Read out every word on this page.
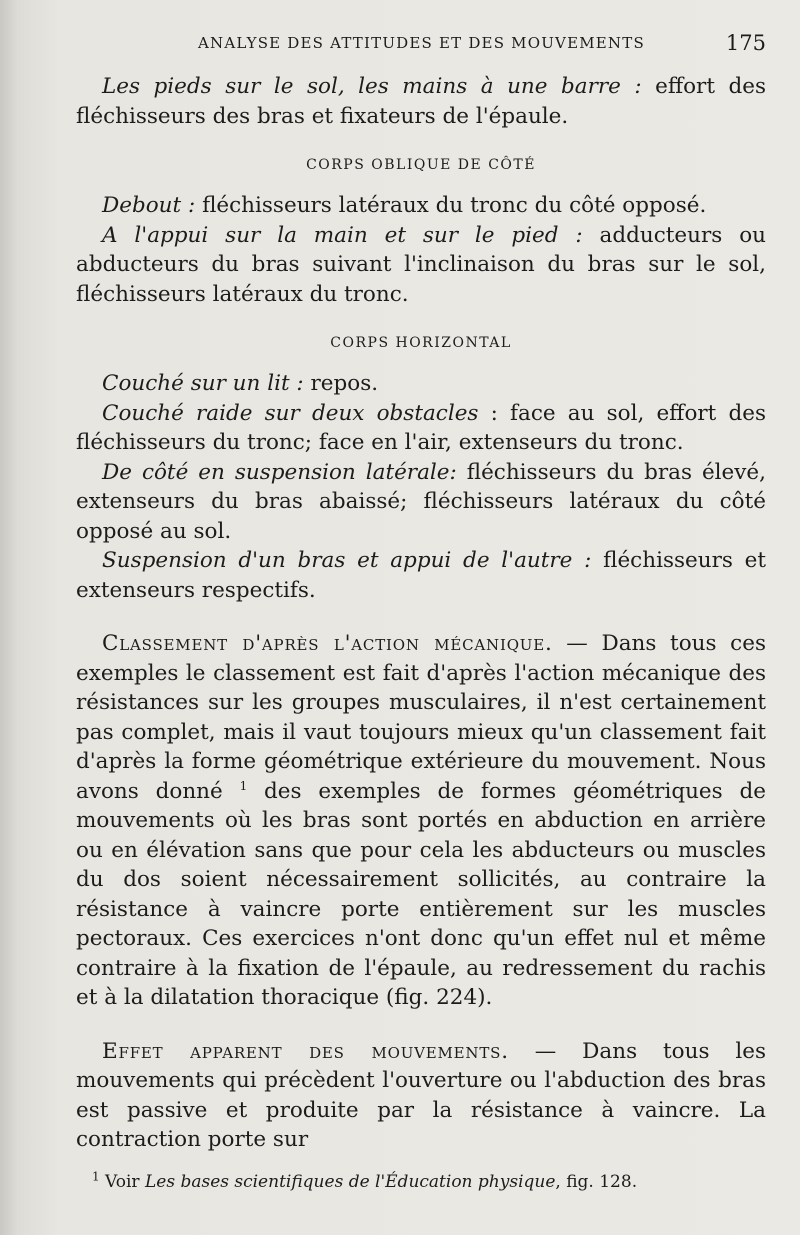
ANALYSE DES ATTITUDES ET DES MOUVEMENTS	175

Les pieds sur le sol, les mains à une barre : effort des fléchisseurs des bras et fixateurs de l'épaule.

CORPS OBLIQUE DE CÔTÉ

Debout : fléchisseurs latéraux du tronc du côté opposé.

A l'appui sur la main et sur le pied : adducteurs ou abducteurs du bras suivant l'inclinaison du bras sur le sol, fléchisseurs latéraux du tronc.

CORPS HORIZONTAL

Couché sur un lit : repos.

Couché raide sur deux obstacles : face au sol, effort des fléchisseurs du tronc; face en l'air, extenseurs du tronc.

De côté en suspension latérale: fléchisseurs du bras élevé, extenseurs du bras abaissé; fléchisseurs latéraux du côté opposé au sol.

Suspension d'un bras et appui de l'autre : fléchisseurs et extenseurs respectifs.

Classement d'après l'action mécanique. — Dans tous ces exemples le classement est fait d'après l'action mécanique des résistances sur les groupes musculaires, il n'est certainement pas complet, mais il vaut toujours mieux qu'un classement fait d'après la forme géométrique extérieure du mouvement. Nous avons donné $^1$ des exemples de formes géométriques de mouvements où les bras sont portés en abduction en arrière ou en élévation sans que pour cela les abducteurs ou muscles du dos soient nécessairement sollicités, au contraire la résistance à vaincre porte entièrement sur les muscles pectoraux. Ces exercices n'ont donc qu'un effet nul et même contraire à la fixation de l'épaule, au redressement du rachis et à la dilatation thoracique (fig. 224).

Effet apparent des mouvements. — Dans tous les mouvements qui précèdent l'ouverture ou l'abduction des bras est passive et produite par la résistance à vaincre. La contraction porte sur

$^1$ Voir Les bases scientifiques de l'Éducation physique, fig. 128.
